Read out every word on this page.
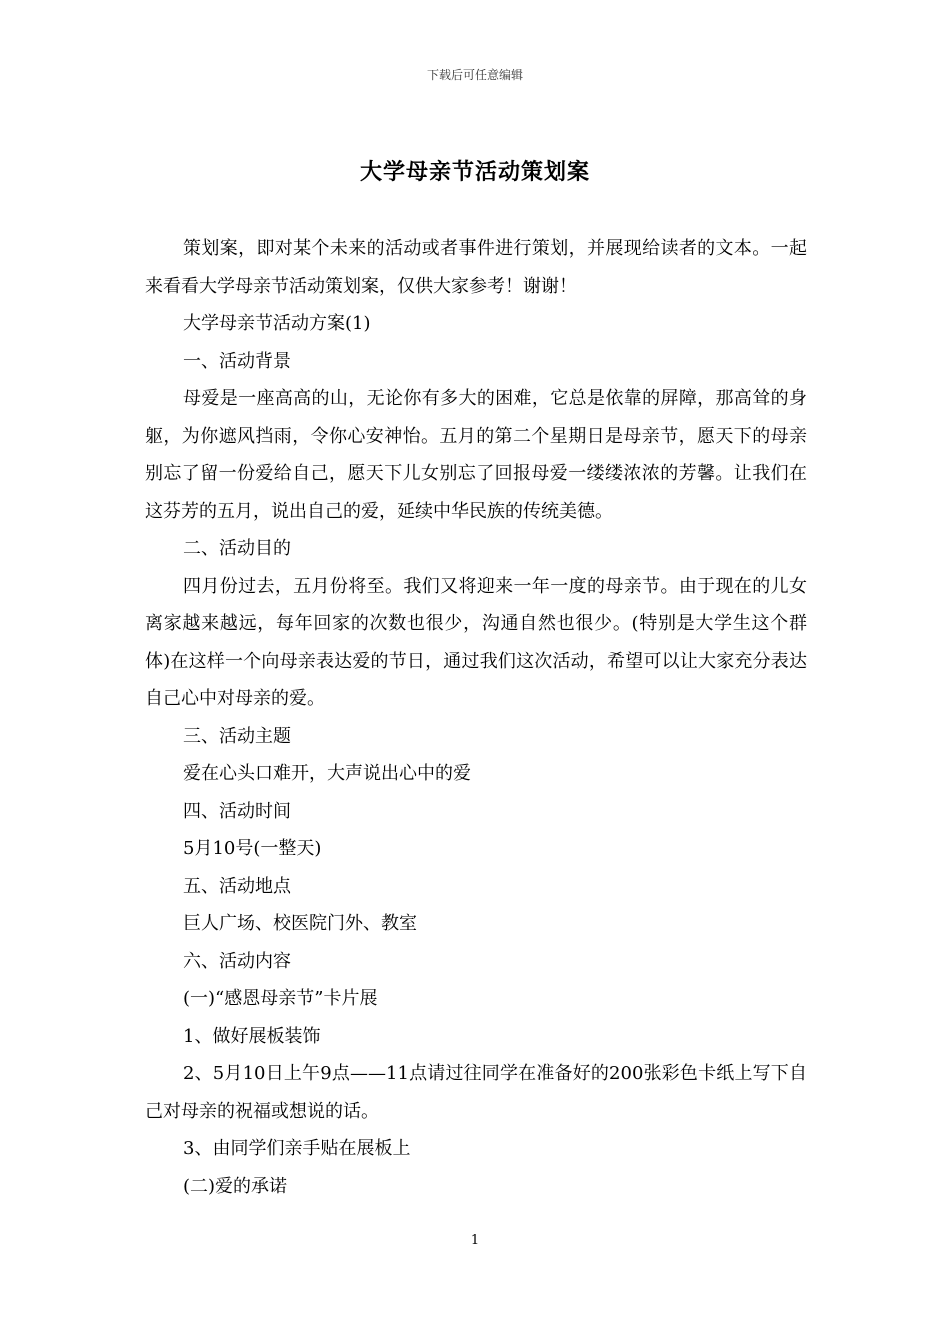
下载后可任意编辑
大学母亲节活动策划案

策划案，即对某个未来的活动或者事件进行策划，并展现给读者的文本。一起来看看大学母亲节活动策划案，仅供大家参考！谢谢！

大学母亲节活动方案(1)

一、活动背景

母爱是一座高高的山，无论你有多大的困难，它总是依靠的屏障，那高耸的身躯，为你遮风挡雨，令你心安神怡。五月的第二个星期日是母亲节，愿天下的母亲别忘了留一份爱给自己，愿天下儿女别忘了回报母爱一缕缕浓浓的芳馨。让我们在这芬芳的五月，说出自己的爱，延续中华民族的传统美德。

二、活动目的

四月份过去，五月份将至。我们又将迎来一年一度的母亲节。由于现在的儿女离家越来越远，每年回家的次数也很少，沟通自然也很少。(特别是大学生这个群体)在这样一个向母亲表达爱的节日，通过我们这次活动，希望可以让大家充分表达自己心中对母亲的爱。

三、活动主题

爱在心头口难开，大声说出心中的爱

四、活动时间

5月10号(一整天)

五、活动地点

巨人广场、校医院门外、教室

六、活动内容

(一)“感恩母亲节”卡片展

1、做好展板装饰

2、5月10日上午9点——11点请过往同学在准备好的200张彩色卡纸上写下自己对母亲的祝福或想说的话。

3、由同学们亲手贴在展板上

(二)爱的承诺

1
